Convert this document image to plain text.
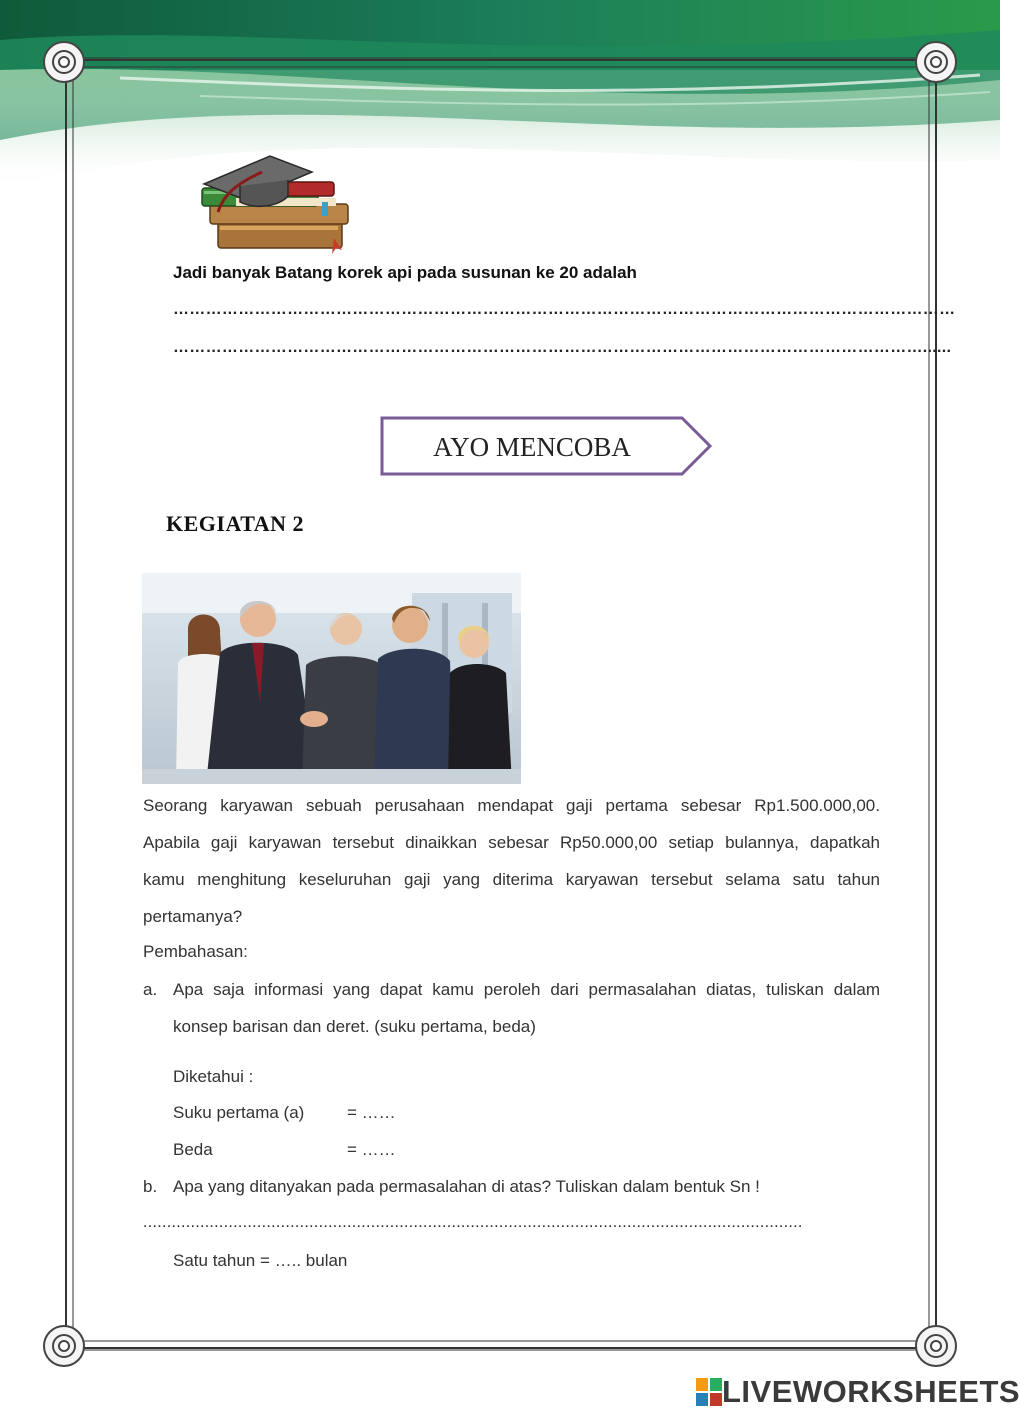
Jadi banyak Batang korek api pada susunan ke 20 adalah
………………………………………………………………………………………………………………………………
…………………………………………………………………………………………………………………………......
AYO MENCOBA
KEGIATAN 2
Seorang karyawan sebuah perusahaan mendapat gaji pertama sebesar Rp1.500.000,00.
Apabila gaji karyawan tersebut dinaikkan sebesar Rp50.000,00 setiap bulannya, dapatkah
kamu menghitung keseluruhan gaji yang diterima karyawan tersebut selama satu tahun
pertamanya?
Pembahasan:
a. Apa saja informasi yang dapat kamu peroleh dari permasalahan diatas, tuliskan dalam
konsep barisan dan deret. (suku pertama, beda)
Diketahui :
Suku pertama (a)	= ……
Beda	= ……
b. Apa yang ditanyakan pada permasalahan di atas? Tuliskan dalam bentuk Sn !
...........................................................................................................................................
Satu tahun = ….. bulan
LIVEWORKSHEETS
